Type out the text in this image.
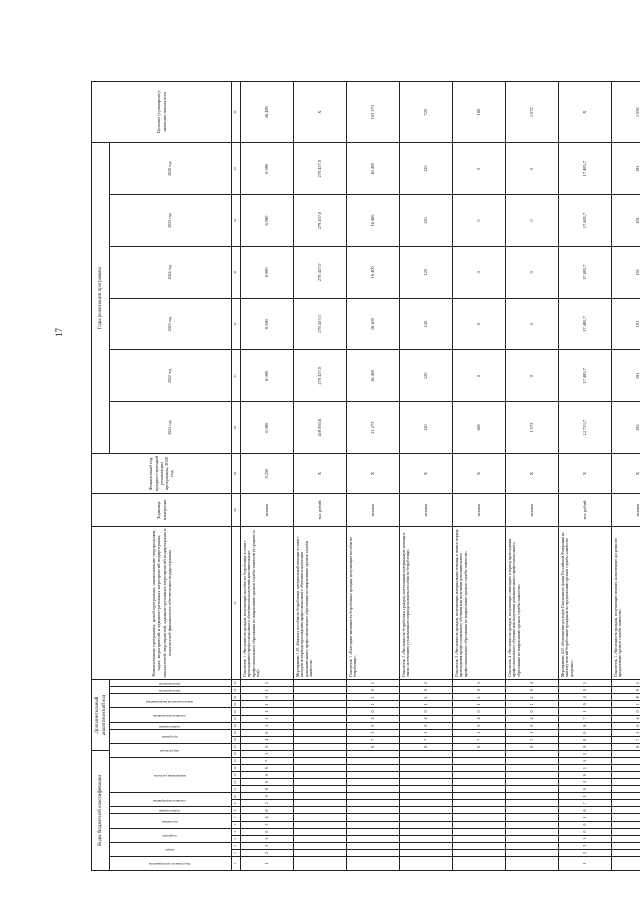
17
Коды бюджетной классификации																Дополнительный аналитический код										Наименование программы, целей программы, наименование подпрограмм, задач, мероприятий и административных мероприятий подпрограмм, показателей, мероприятий, административных мероприятий подпрограмм и показателей финансового обеспечения подпрограммы	Единица измерения	Финансовый год, предшествующий реализации программы, 2020 год	Годы реализации программы						Целевое (суммарное) значение показателя
Код главного распорядителя	раздел		подраздел		программа		подпрограмма	основное мероприятие		направление расходов					вид расходов		программа		подпрограмма	основное мероприятие		номер показателя (мероприятия)		тип показателя	тип показателя				2021 год	2022 год	2023 год	2024 год	2025 год	2026 год	
1	2	3	4	5	6	7	8	9	10	11	12	13	14	15	16	17	18	19	20	21	22	23	24	25	26	27	28	29	30	31	32	33	34	35	36
1	2	3	1	0	3	4	6	2	0	9	0	0	6	7	1	0	4	0	1	1	1	1	0	1	1	Показатель 1 «Численность граждан, получающих пособие по безработице в связи с прохождением профессионального обучения или получения дополнительного профессионального образования по направлению органов службы занятости (в среднем за год)»	человек	9 250	6 080	6 080	6 080	6 080	6 080	6 080	36 480
																										Мероприятие 1.03 «Выплата пособия по безработице, материальной помощи, в связи с выходом из периода прохождения профессионального обучения и получения дополнительного профессионального образования по направлению органов службы занятости»	тыс. рублей	Х	418 850,6	279 457,0	279 457,0	279 457,0	279 457,0	279 457,0	Х
																6	7	1	0	4	0	1	L	0	1	Показатель 1 «Ежегодная численность безработных граждан, получающих пособие по безработице»	человек	Х	21 273	16 400	16 400	16 400	16 400	16 400	103 273
																6	7	1	0	4	0	1	L	0	2	Показатель 2 «Численность безработных граждан, получающих материальную помощь в связи с истечением установленного периода выплаты пособия по безработице»	человек	Х	120	120	120	120	120	120	720
																6	7	1	0	4	0	1	L	0	3	Показатель 3 «Численность граждан, получающих материальную помощь в связи в период прохождения профессионального обучения или получения дополнительного профессионального образования по направлению органов службы занятости»	человек	Х	169	0	0	0	0	0	169
																6	7	1	0	4	0	1	L	0	4	Показатель 4 «Численность граждан, получающих стипендию в период прохождения профессионального обучения или получения дополнительного профессионального образования по направлению органов службы занятости»	человек	Х	1 072	0	0	0	0	0	1 072
1	2	3	1	0	0	1	6	7	1	0	4	0	1	5	2	9	0	0	6	7	1	0	4	0	1	Мероприятие 4.07 «Возмещение расходов Пенсионного фонда Российской Федерации на выплату пенсий безработным гражданам по предложению органов службы занятости досрочно»	тыс. рублей	Х	12 723,7	17 485,7	17 485,7	17 485,7	17 485,7	17 485,7	Х
																6	7	1	0	4	0	1	P	0	1	Показатель 1 «Численность граждан, получающих пенсию, назначенную досрочно по предложению органов службы занятости»	человек	Х	195	191	191	191	191	191	1 095
